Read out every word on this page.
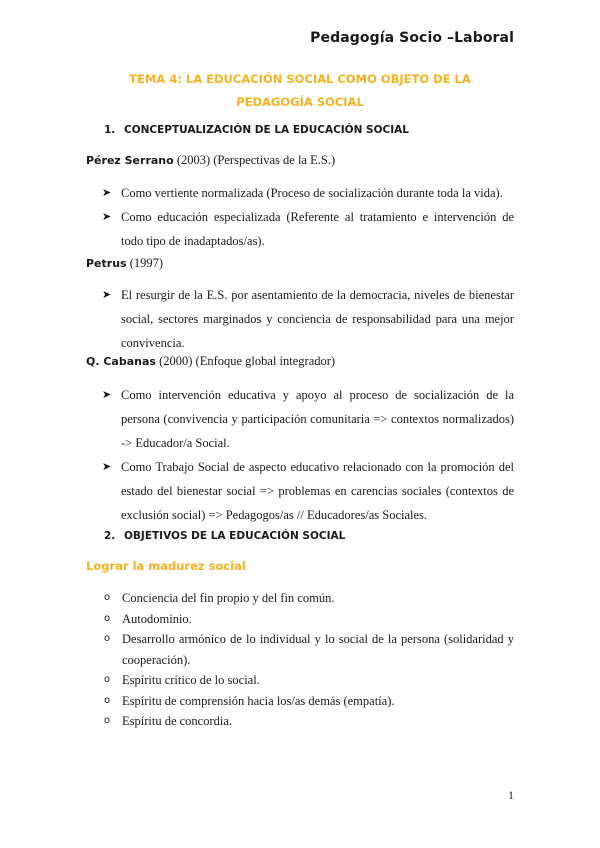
Pedagogía Socio –Laboral
TEMA 4: LA EDUCACIÓN SOCIAL COMO OBJETO DE LA
PEDAGOGÍA SOCIAL
1. CONCEPTUALIZACIÓN DE LA EDUCACIÓN SOCIAL
Pérez Serrano (2003) (Perspectivas de la E.S.)
➤ Como vertiente normalizada (Proceso de socialización durante toda la vida).
➤ Como educación especializada (Referente al tratamiento e intervención de todo tipo de inadaptados/as).
Petrus (1997)
➤ El resurgir de la E.S. por asentamiento de la democracia, niveles de bienestar social, sectores marginados y conciencia de responsabilidad para una mejor convivencia.
Q. Cabanas (2000) (Enfoque global integrador)
➤ Como intervención educativa y apoyo al proceso de socialización de la persona (convivencia y participación comunitaria => contextos normalizados) -> Educador/a Social.
➤ Como Trabajo Social de aspecto educativo relacionado con la promoción del estado del bienestar social => problemas en carencias sociales (contextos de exclusión social) => Pedagogos/as // Educadores/as Sociales.
2. OBJETIVOS DE LA EDUCACIÓN SOCIAL
Lograr la madurez social
o Conciencia del fin propio y del fin común.
o Autodominio.
o Desarrollo armónico de lo individual y lo social de la persona (solidaridad y cooperación).
o Espíritu crítico de lo social.
o Espíritu de comprensión hacia los/as demás (empatía).
o Espíritu de concordia.
1
